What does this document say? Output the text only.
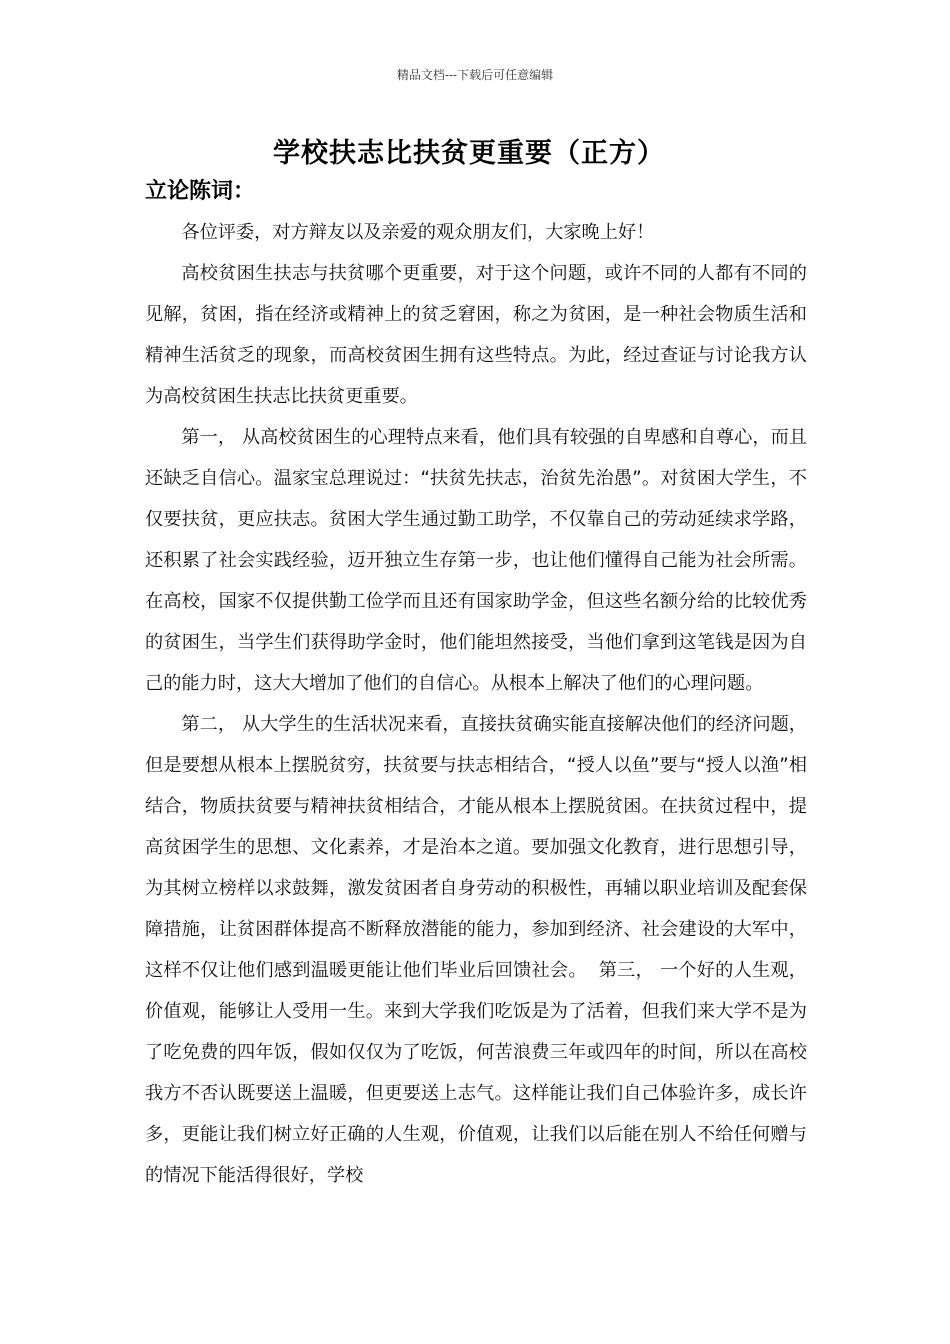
精品文档---下载后可任意编辑
学校扶志比扶贫更重要（正方）
立论陈词：

各位评委，对方辩友以及亲爱的观众朋友们，大家晚上好！

高校贫困生扶志与扶贫哪个更重要，对于这个问题，或许不同的人都有不同的见解，贫困，指在经济或精神上的贫乏窘困，称之为贫困，是一种社会物质生活和精神生活贫乏的现象，而高校贫困生拥有这些特点。为此，经过查证与讨论我方认为高校贫困生扶志比扶贫更重要。

第一， 从高校贫困生的心理特点来看，他们具有较强的自卑感和自尊心，而且还缺乏自信心。温家宝总理说过：“扶贫先扶志，治贫先治愚”。对贫困大学生，不仅要扶贫，更应扶志。贫困大学生通过勤工助学，不仅靠自己的劳动延续求学路，还积累了社会实践经验，迈开独立生存第一步，也让他们懂得自己能为社会所需。在高校，国家不仅提供勤工俭学而且还有国家助学金，但这些名额分给的比较优秀的贫困生，当学生们获得助学金时，他们能坦然接受，当他们拿到这笔钱是因为自己的能力时，这大大增加了他们的自信心。从根本上解决了他们的心理问题。

第二， 从大学生的生活状况来看，直接扶贫确实能直接解决他们的经济问题，但是要想从根本上摆脱贫穷，扶贫要与扶志相结合，“授人以鱼”要与“授人以渔”相结合，物质扶贫要与精神扶贫相结合，才能从根本上摆脱贫困。在扶贫过程中，提高贫困学生的思想、文化素养，才是治本之道。要加强文化教育，进行思想引导，为其树立榜样以求鼓舞，激发贫困者自身劳动的积极性，再辅以职业培训及配套保障措施，让贫困群体提高不断释放潜能的能力，参加到经济、社会建设的大军中，这样不仅让他们感到温暖更能让他们毕业后回馈社会。 第三， 一个好的人生观，价值观，能够让人受用一生。来到大学我们吃饭是为了活着，但我们来大学不是为了吃免费的四年饭，假如仅仅为了吃饭，何苦浪费三年或四年的时间，所以在高校我方不否认既要送上温暖，但更要送上志气。这样能让我们自己体验许多，成长许多，更能让我们树立好正确的人生观，价值观，让我们以后能在别人不给任何赠与的情况下能活得很好，学校
